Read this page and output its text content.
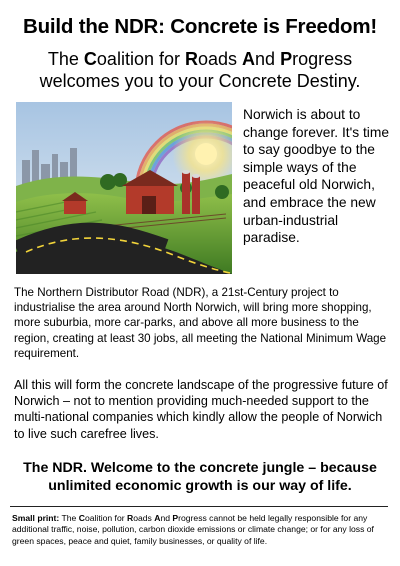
Build the NDR: Concrete is Freedom!
The Coalition for Roads And Progress
welcomes you to your Concrete Destiny.
Norwich is about to change forever. It's time to say goodbye to the simple ways of the peaceful old Norwich, and embrace the new urban-industrial paradise.
The Northern Distributor Road (NDR), a 21st-Century project to industrialise the area around North Norwich, will bring more shopping, more suburbia, more car-parks, and above all more business to the region, creating at least 30 jobs, all meeting the National Minimum Wage requirement.
All this will form the concrete landscape of the progressive future of Norwich – not to mention providing much-needed support to the multi-national companies which kindly allow the people of Norwich to live such carefree lives.
The NDR. Welcome to the concrete jungle – because
unlimited economic growth is our way of life.
Small print: The Coalition for Roads And Progress cannot be held legally responsible for any additional traffic, noise, pollution, carbon dioxide emissions or climate change; or for any loss of green spaces, peace and quiet, family businesses, or quality of life.
